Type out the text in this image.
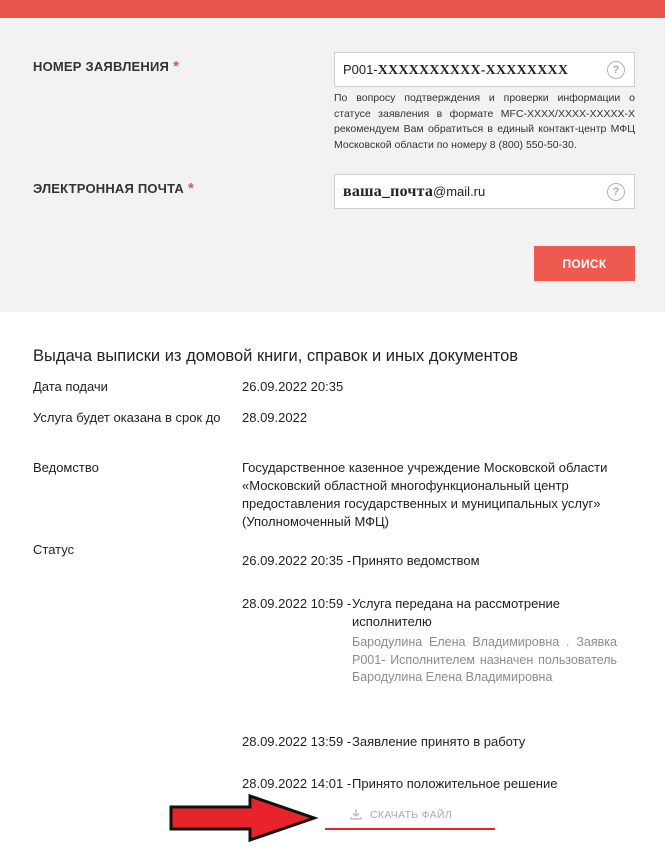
НОМЕР ЗАЯВЛЕНИЯ *	Р001-XXXXXXXXXX-XXXXXXXX	?
По вопросу подтверждения и проверки информации о статусе заявления в формате MFC-XXXX/XXXX-XXXXX-X рекомендуем Вам обратиться в единый контакт-центр МФЦ Московской области по номеру 8 (800) 550-50-30.
ЭЛЕКТРОННАЯ ПОЧТА *	ваша_почта@mail.ru	?
ПОИСК
Выдача выписки из домовой книги, справок и иных документов
Дата подачи	26.09.2022 20:35
Услуга будет оказана в срок до 28.09.2022
Ведомство	Государственное казенное учреждение Московской области «Московский областной многофункциональный центр предоставления государственных и муниципальных услуг» (Уполномоченный МФЦ)
Статус
26.09.2022 20:35 - Принято ведомством
28.09.2022 10:59 - Услуга передана на рассмотрение исполнителю
Бародулина Елена Владимировна . Заявка Р001- Исполнителем назначен пользователь Бародулина Елена Владимировна
28.09.2022 13:59 - Заявление принято в работу
28.09.2022 14:01 - Принято положительное решение
СКАЧАТЬ ФАЙЛ
